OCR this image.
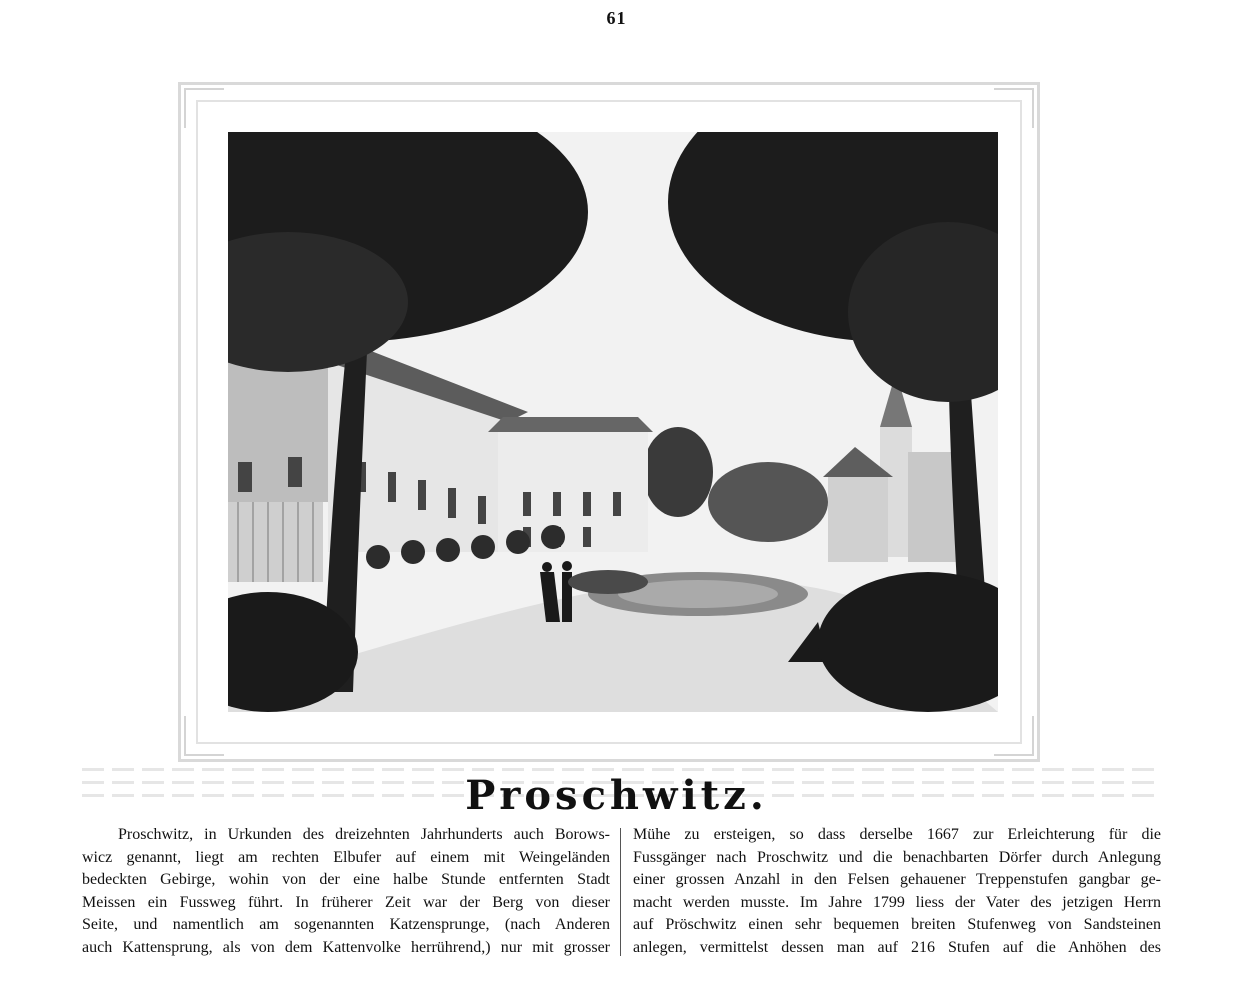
61
Proschwitz.
Proschwitz, in Urkunden des dreizehnten Jahrhunderts auch Borows-
wicz genannt, liegt am rechten Elbufer auf einem mit Weingeländen
bedeckten Gebirge, wohin von der eine halbe Stunde entfernten Stadt
Meissen ein Fussweg führt. In früherer Zeit war der Berg von dieser
Seite, und namentlich am sogenannten Katzensprunge, (nach Anderen
auch Kattensprung, als von dem Kattenvolke herrührend,) nur mit grosser
Mühe zu ersteigen, so dass derselbe 1667 zur Erleichterung für die
Fussgänger nach Proschwitz und die benachbarten Dörfer durch Anlegung
einer grossen Anzahl in den Felsen gehauener Treppenstufen gangbar ge-
macht werden musste. Im Jahre 1799 liess der Vater des jetzigen Herrn
auf Pröschwitz einen sehr bequemen breiten Stufenweg von Sandsteinen
anlegen, vermittelst dessen man auf 216 Stufen auf die Anhöhen des
